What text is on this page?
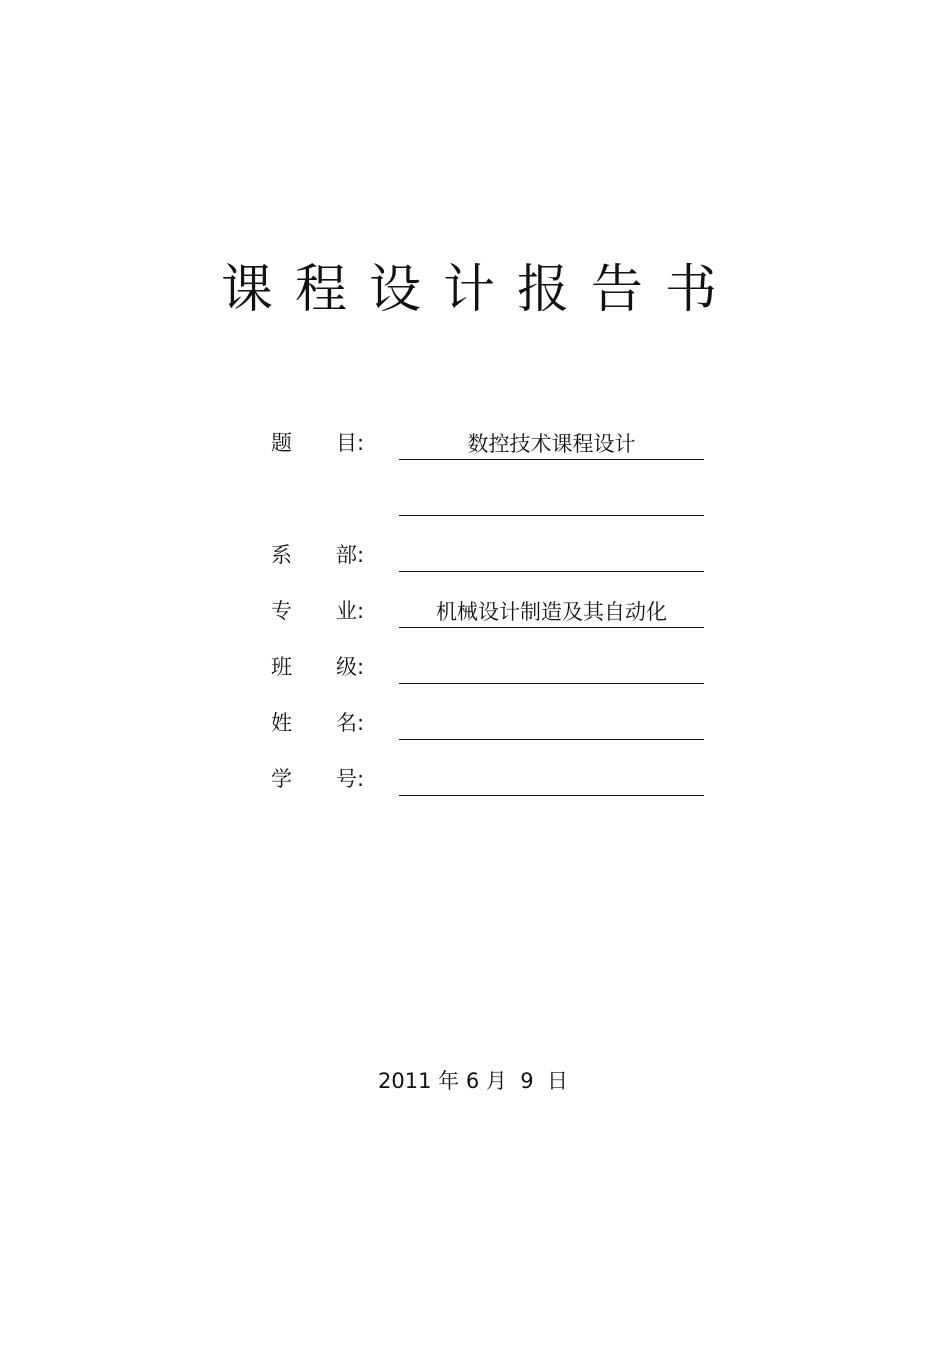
课程设计报告书
题 目 :	数控技术课程设计
系 部 :
专 业 :	机械设计制造及其自动化
班 级 :
姓 名 :
学 号 :
2011 年 6 月  9  日
